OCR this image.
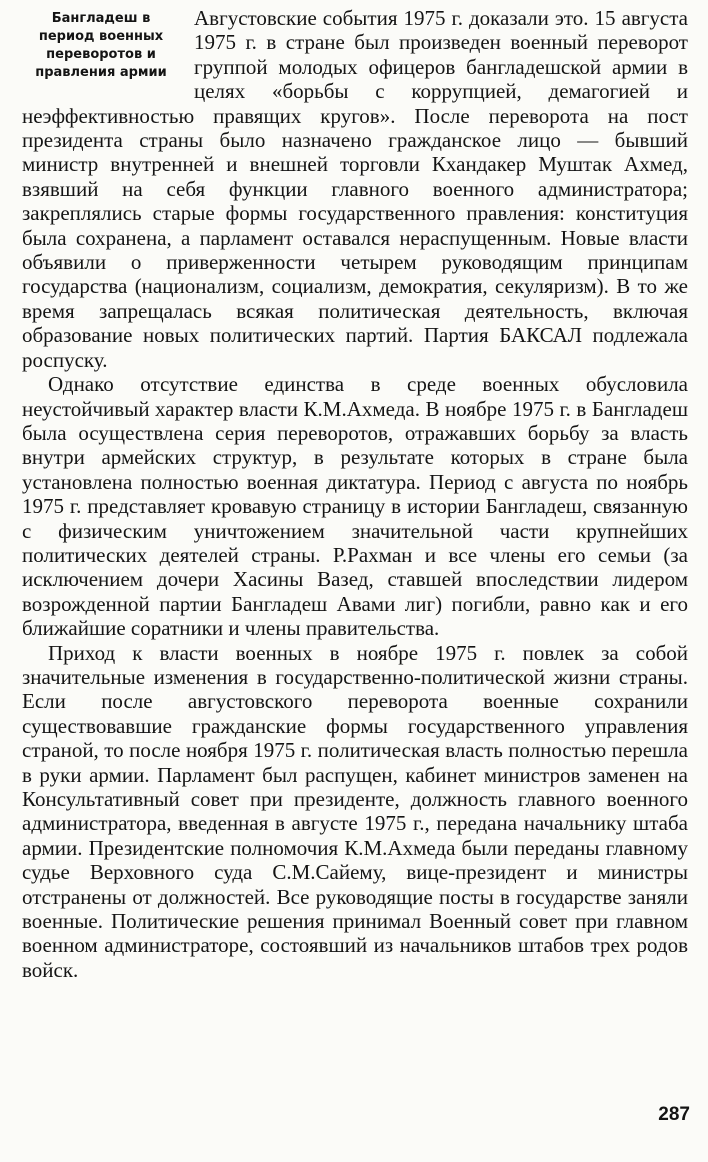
Бангладеш в период военных переворотов и правления армии

Августовские события 1975 г. доказали это. 15 августа 1975 г. в стране был произведен военный переворот группой молодых офицеров бангладешской армии в целях «борьбы с коррупцией, демагогией и неэффективностью правящих кругов». После переворота на пост президента страны было назначено гражданское лицо — бывший министр внутренней и внешней торговли Кхандакер Муштак Ахмед, взявший на себя функции главного военного администратора; закреплялись старые формы государственного правления: конституция была сохранена, а парламент оставался нераспущенным. Новые власти объявили о приверженности четырем руководящим принципам государства (национализм, социализм, демократия, секуляризм). В то же время запрещалась всякая политическая деятельность, включая образование новых политических партий. Партия БАКСАЛ подлежала роспуску.

Однако отсутствие единства в среде военных обусловила неустойчивый характер власти К.М.Ахмеда. В ноябре 1975 г. в Бангладеш была осуществлена серия переворотов, отражавших борьбу за власть внутри армейских структур, в результате которых в стране была установлена полностью военная диктатура. Период с августа по ноябрь 1975 г. представляет кровавую страницу в истории Бангладеш, связанную с физическим уничтожением значительной части крупнейших политических деятелей страны. Р.Рахман и все члены его семьи (за исключением дочери Хасины Вазед, ставшей впоследствии лидером возрожденной партии Бангладеш Авами лиг) погибли, равно как и его ближайшие соратники и члены правительства.

Приход к власти военных в ноябре 1975 г. повлек за собой значительные изменения в государственно-политической жизни страны. Если после августовского переворота военные сохранили существовавшие гражданские формы государственного управления страной, то после ноября 1975 г. политическая власть полностью перешла в руки армии. Парламент был распущен, кабинет министров заменен на Консультативный совет при президенте, должность главного военного администратора, введенная в августе 1975 г., передана начальнику штаба армии. Президентские полномочия К.М.Ахмеда были переданы главному судье Верховного суда С.М.Сайему, вице-президент и министры отстранены от должностей. Все руководящие посты в государстве заняли военные. Политические решения принимал Военный совет при главном военном администраторе, состоявший из начальников штабов трех родов войск.

287
